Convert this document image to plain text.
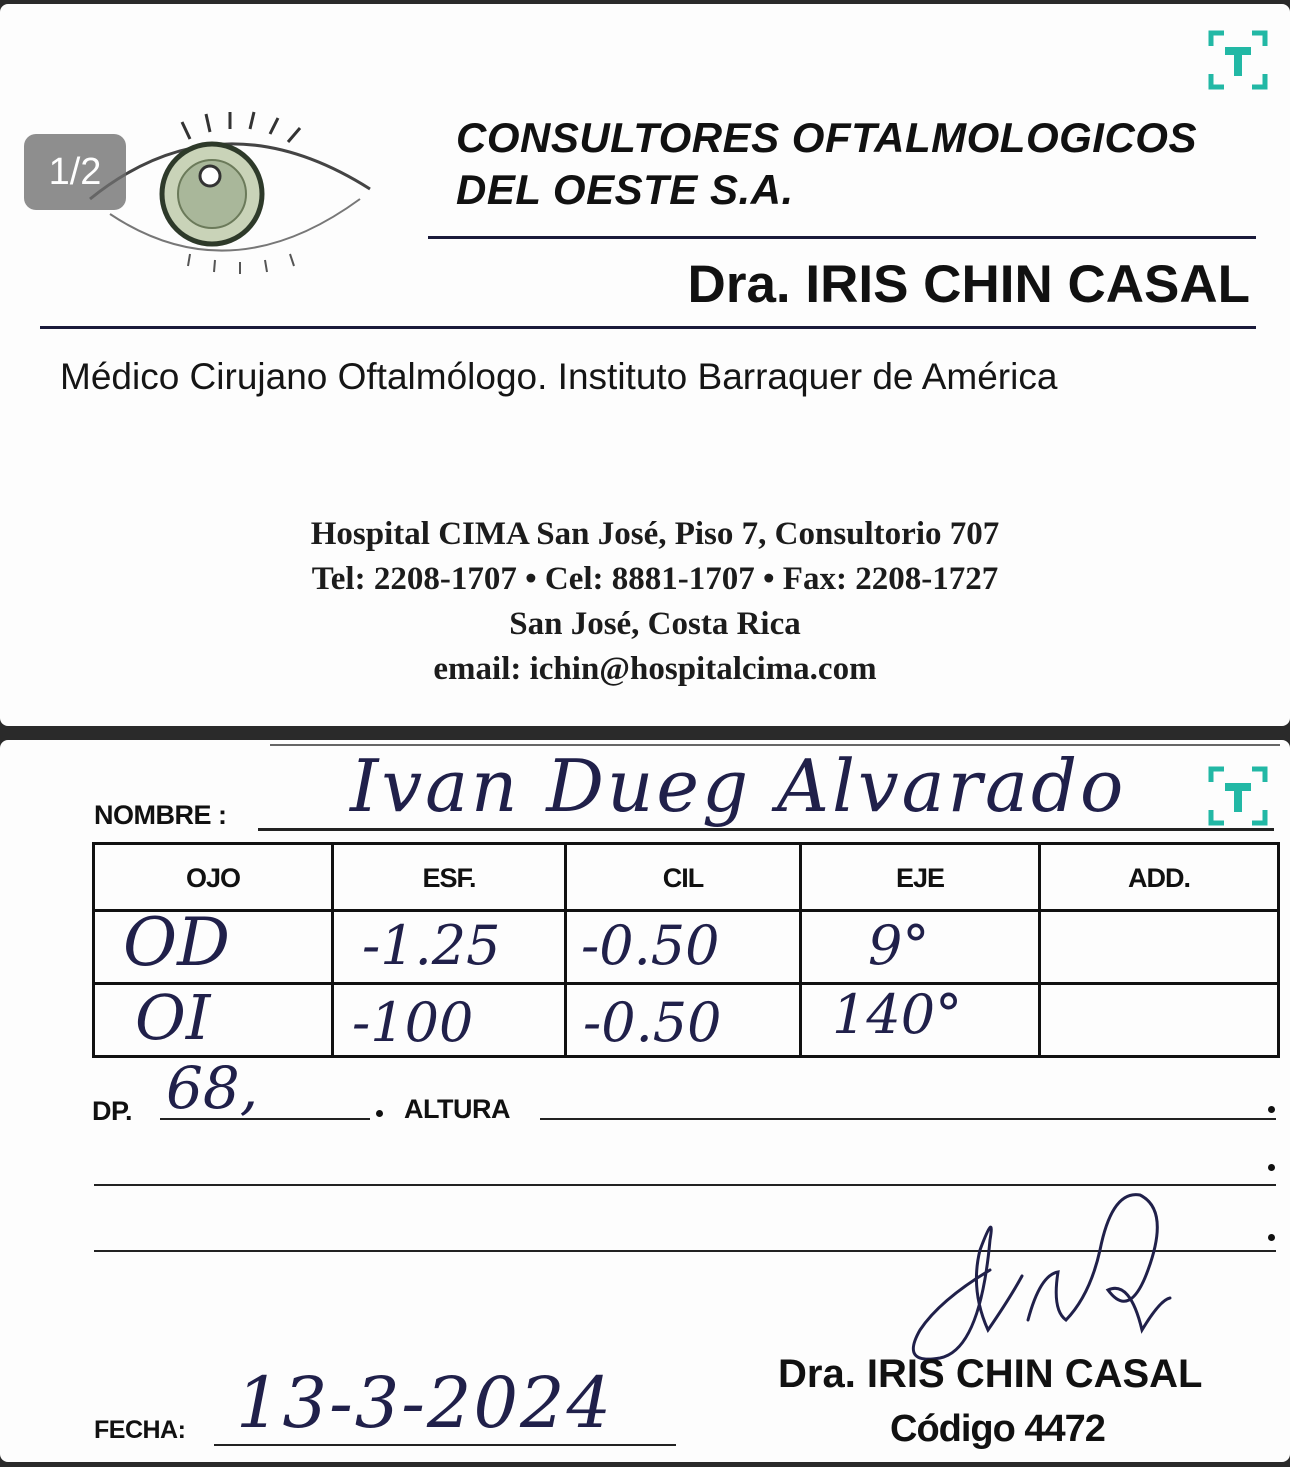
1/2
CONSULTORES OFTALMOLOGICOS
DEL OESTE S.A.
Dra. IRIS CHIN CASAL
Médico Cirujano Oftalmólogo. Instituto Barraquer de América
Hospital CIMA San José, Piso 7, Consultorio 707
Tel: 2208-1707 • Cel: 8881-1707 • Fax: 2208-1727
San José, Costa Rica
email: ichin@hospitalcima.com
NOMBRE : Ivan Dueg Alvarado
OJO	ESF.	CIL	EJE	ADD.

OD	-1.25	-0.50	9°	

OI	-100	-0.50	140°	

DP. 68,	ALTURA
Dra. IRIS CHIN CASAL
Código 4472
FECHA: 13-3-2024
